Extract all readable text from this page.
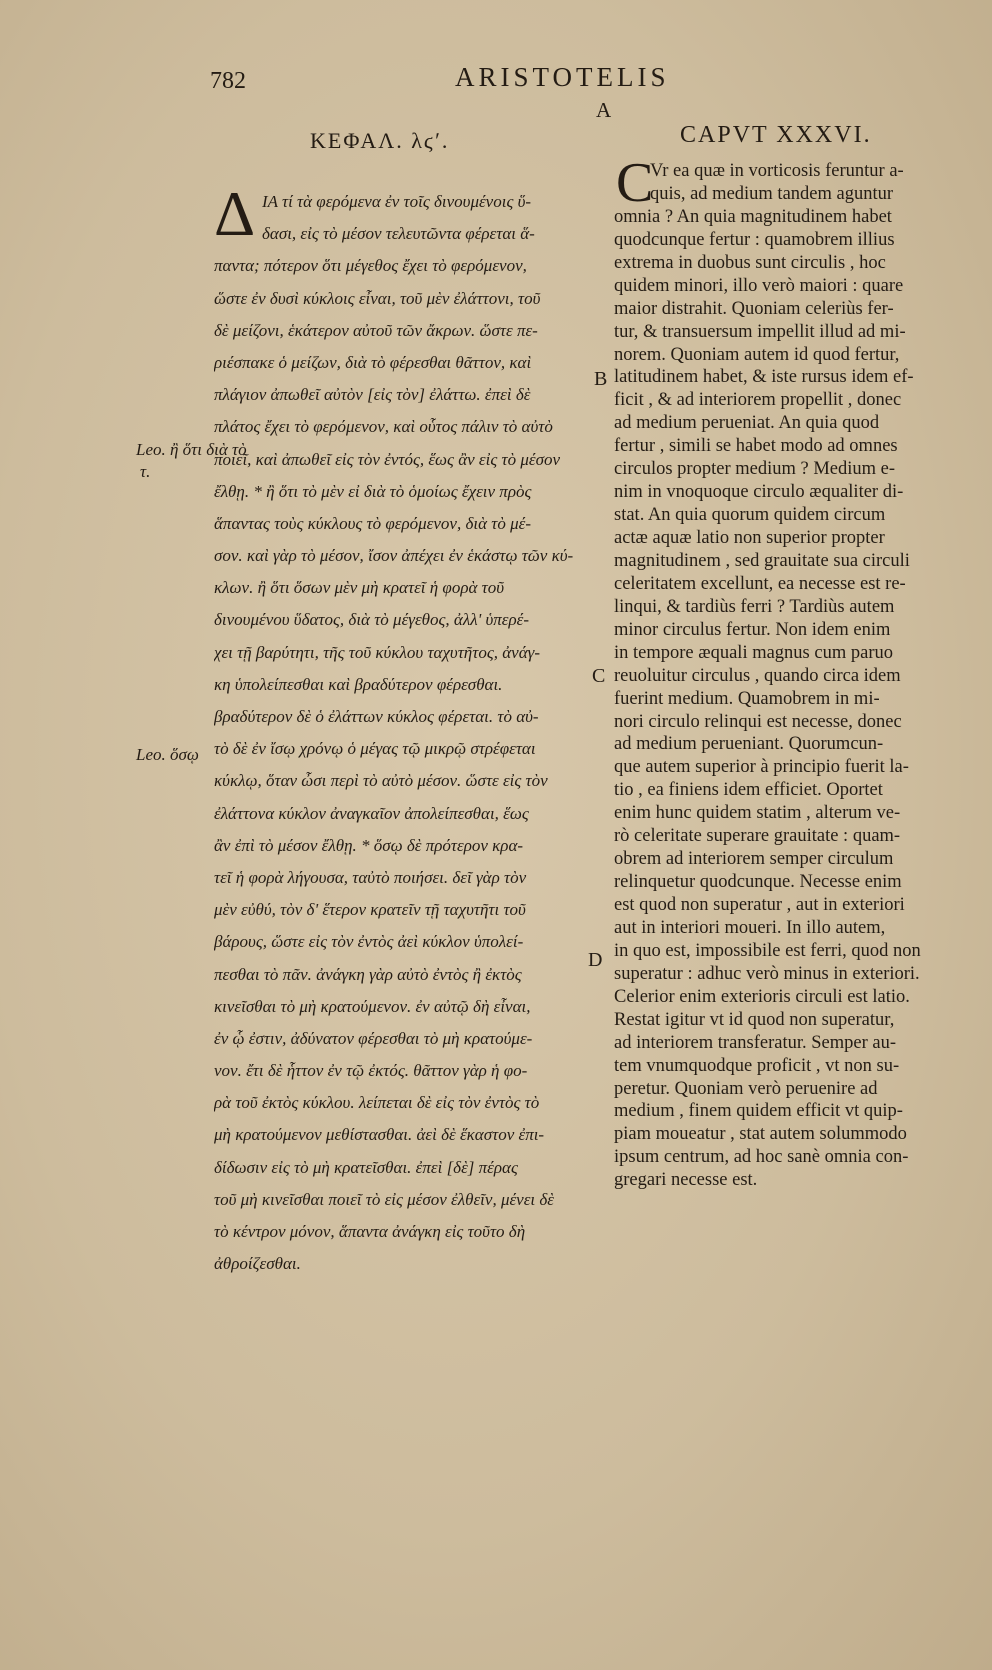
782	ARISTOTELIS
A
ΚΕΦΑΛ. λϛʹ.	CAPVT XXXVI.
Δ ΙΑ τί τὰ φερόμενα ἐν τοῖς δινουμένοις ὕ-
δασι, εἰς τὸ μέσον τελευτῶντα φέρεται ἅ-
παντα; πότερον ὅτι μέγεθος ἔχει τὸ φερόμενον,
ὥστε ἐν δυσὶ κύκλοις εἶναι, τοῦ μὲν ἐλάττονι, τοῦ
δὲ μείζονι, ἑκάτερον αὐτοῦ τῶν ἄκρων. ὥστε πε-
ριέσπακε ὁ μείζων, διὰ τὸ φέρεσθαι θᾶττον, καὶ
πλάγιον ἀπωθεῖ αὐτὸν [εἰς τὸν] ἐλάττω. ἐπεὶ δὲ
πλάτος ἔχει τὸ φερόμενον, καὶ οὗτος πάλιν τὸ αὐτὸ
ποιεῖ, καὶ ἀπωθεῖ εἰς τὸν ἐντός, ἕως ἂν εἰς τὸ μέσον
ἔλθῃ. * ἢ ὅτι τὸ μὲν εἰ διὰ τὸ ὁμοίως ἔχειν πρὸς
ἅπαντας τοὺς κύκλους τὸ φερόμενον, διὰ τὸ μέ-
σον. καὶ γὰρ τὸ μέσον, ἴσον ἀπέχει ἐν ἑκάστῳ τῶν κύ-
κλων. ἢ ὅτι ὅσων μὲν μὴ κρατεῖ ἡ φορὰ τοῦ
δινουμένου ὕδατος, διὰ τὸ μέγεθος, ἀλλ' ὑπερέ-
χει τῇ βαρύτητι, τῆς τοῦ κύκλου ταχυτῆτος, ἀνάγ-
κη ὑπολείπεσθαι καὶ βραδύτερον φέρεσθαι.
βραδύτερον δὲ ὁ ἐλάττων κύκλος φέρεται. τὸ αὐ-
τὸ δὲ ἐν ἴσῳ χρόνῳ ὁ μέγας τῷ μικρῷ στρέφεται
κύκλῳ, ὅταν ὦσι περὶ τὸ αὐτὸ μέσον. ὥστε εἰς τὸν
ἐλάττονα κύκλον ἀναγκαῖον ἀπολείπεσθαι, ἕως
ἂν ἐπὶ τὸ μέσον ἔλθῃ. * ὅσῳ δὲ πρότερον κρα-
τεῖ ἡ φορὰ λήγουσα, ταὐτὸ ποιήσει. δεῖ γὰρ τὸν
μὲν εὐθύ, τὸν δ' ἕτερον κρατεῖν τῇ ταχυτῆτι τοῦ
βάρους, ὥστε εἰς τὸν ἐντὸς ἀεὶ κύκλον ὑπολεί-
πεσθαι τὸ πᾶν. ἀνάγκη γὰρ αὐτὸ ἐντὸς ἢ ἐκτὸς
κινεῖσθαι τὸ μὴ κρατούμενον. ἐν αὐτῷ δὴ εἶναι,
ἐν ᾧ ἐστιν, ἀδύνατον φέρεσθαι τὸ μὴ κρατούμε-
νον. ἔτι δὲ ἧττον ἐν τῷ ἐκτός. θᾶττον γὰρ ἡ φο-
ρὰ τοῦ ἐκτὸς κύκλου. λείπεται δὲ εἰς τὸν ἐντὸς τὸ
μὴ κρατούμενον μεθίστασθαι. ἀεὶ δὲ ἕκαστον ἐπι-
δίδωσιν εἰς τὸ μὴ κρατεῖσθαι. ἐπεὶ [δὲ] πέρας
τοῦ μὴ κινεῖσθαι ποιεῖ τὸ εἰς μέσον ἐλθεῖν, μένει δὲ
τὸ κέντρον μόνον, ἅπαντα ἀνάγκη εἰς τοῦτο δὴ
ἀθροίζεσθαι.
C
Vr ea quæ in vorticosis feruntur a-
quis, ad medium tandem aguntur
omnia ? An quia magnitudinem habet
quodcunque fertur : quamobrem illius
extrema in duobus sunt circulis , hoc
quidem minori, illo verò maiori : quare
maior distrahit. Quoniam celeriùs fer-
tur, & transuersum impellit illud ad mi-
norem. Quoniam autem id quod fertur,
latitudinem habet, & iste rursus idem ef-
ficit , & ad interiorem propellit , donec
ad medium perueniat. An quia quod
fertur , simili se habet modo ad omnes
circulos propter medium ? Medium e-
nim in vnoquoque circulo æqualiter di-
stat. An quia quorum quidem circum
actæ aquæ latio non superior propter
magnitudinem , sed grauitate sua circuli
celeritatem excellunt, ea necesse est re-
linqui, & tardiùs ferri ? Tardiùs autem
minor circulus fertur. Non idem enim
in tempore æquali magnus cum paruo
reuoluitur circulus , quando circa idem
fuerint medium. Quamobrem in mi-
nori circulo relinqui est necesse, donec
ad medium perueniant. Quorumcun-
que autem superior à principio fuerit la-
tio , ea finiens idem efficiet. Oportet
enim hunc quidem statim , alterum ve-
rò celeritate superare grauitate : quam-
obrem ad interiorem semper circulum
relinquetur quodcunque. Necesse enim
est quod non superatur , aut in exteriori
aut in interiori moueri. In illo autem,
in quo est, impossibile est ferri, quod non
superatur : adhuc verò minus in exteriori.
Celerior enim exterioris circuli est latio.
Restat igitur vt id quod non superatur,
ad interiorem transferatur. Semper au-
tem vnumquodque proficit , vt non su-
peretur. Quoniam verò peruenire ad
medium , finem quidem efficit vt quip-
piam moueatur , stat autem solummodo
ipsum centrum, ad hoc sanè omnia con-
gregari necesse est.
B
C
D
Leo. ἢ ὅτι διὰ τὸ
τ.
Leo. ὅσῳ
